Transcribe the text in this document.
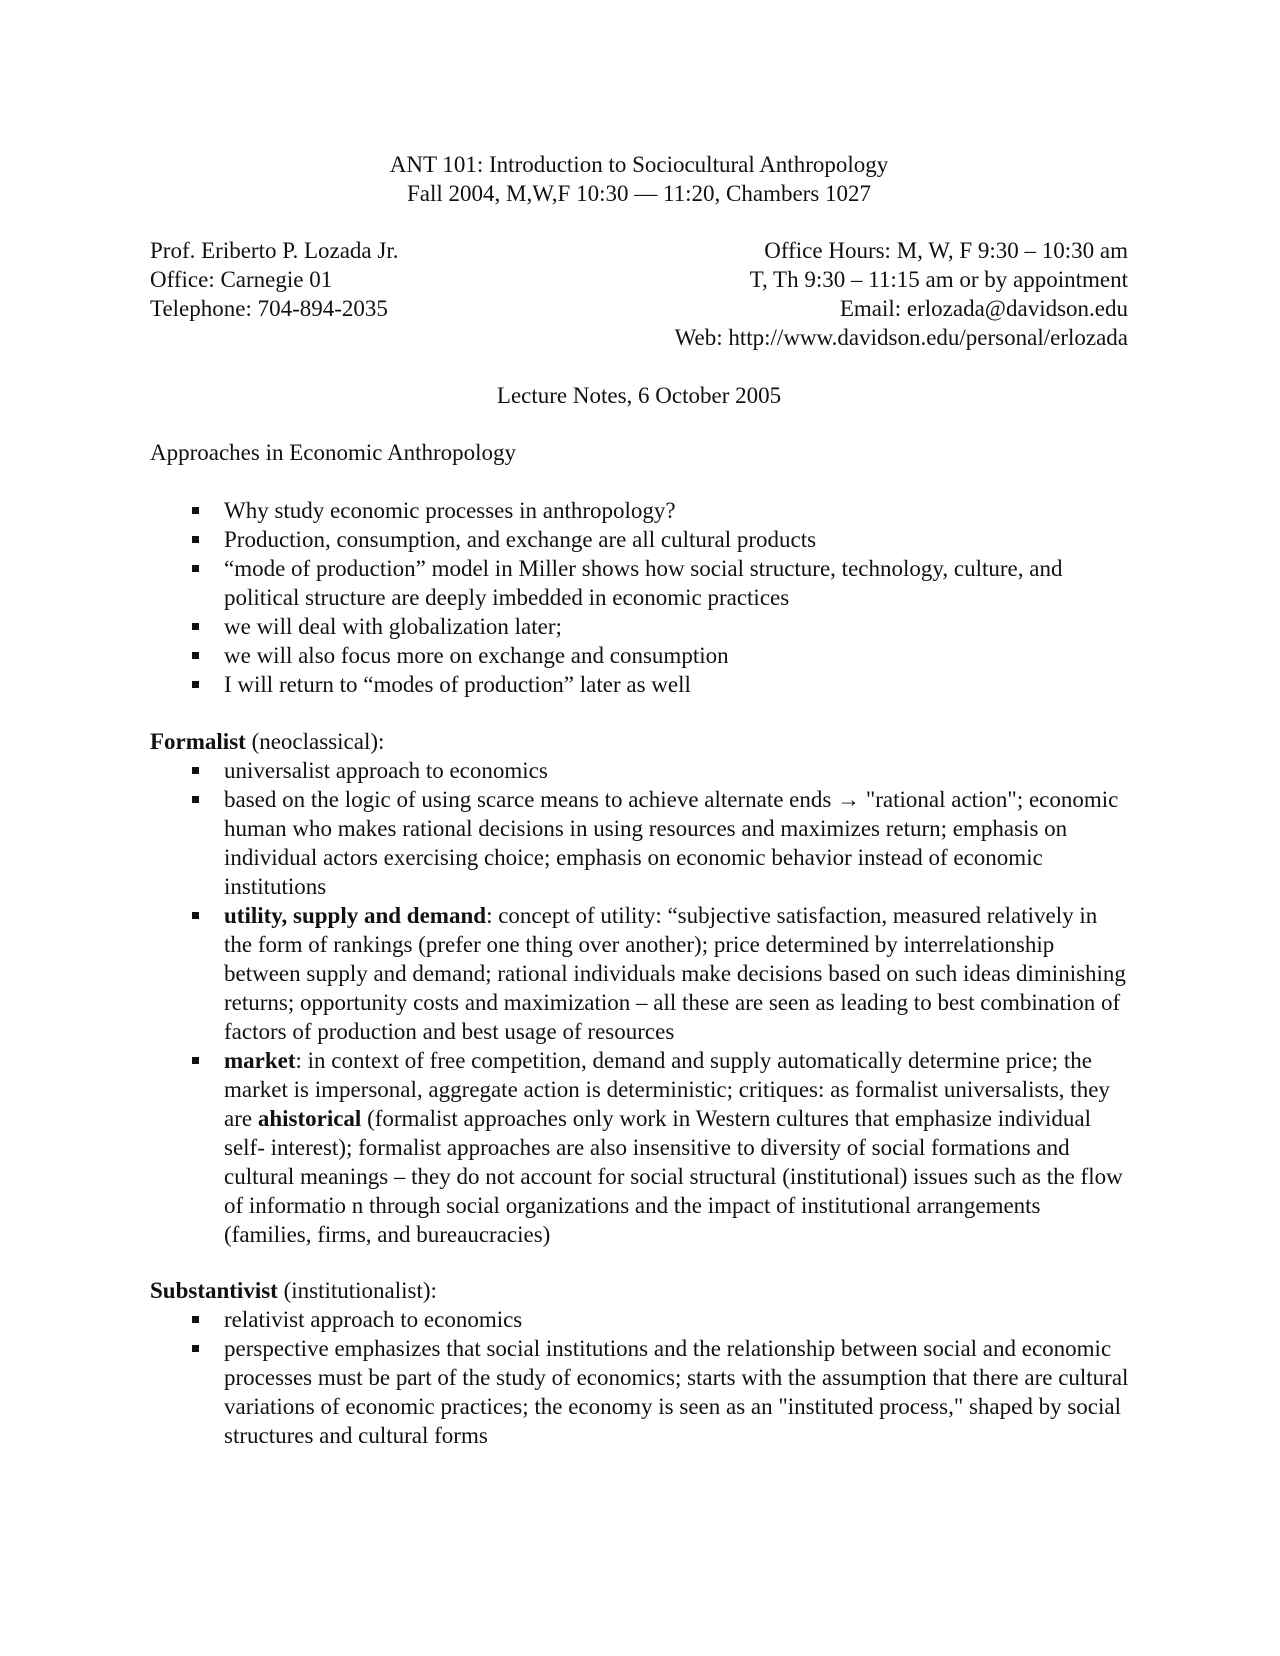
ANT 101: Introduction to Sociocultural Anthropology
Fall 2004, M,W,F 10:30 — 11:20, Chambers 1027
Prof. Eriberto P. Lozada Jr.
Office: Carnegie 01
Telephone: 704-894-2035
Office Hours: M, W, F 9:30 – 10:30 am
T, Th 9:30 – 11:15 am or by appointment
Email: erlozada@davidson.edu
Web: http://www.davidson.edu/personal/erlozada
Lecture Notes, 6 October 2005
Approaches in Economic Anthropology
Why study economic processes in anthropology?
Production, consumption, and exchange are all cultural products
“mode of production” model in Miller shows how social structure, technology, culture, and political structure are deeply imbedded in economic practices
we will deal with globalization later;
we will also focus more on exchange and consumption
I will return to “modes of production” later as well
Formalist (neoclassical):
universalist approach to economics
based on the logic of using scarce means to achieve alternate ends → "rational action"; economic human who makes rational decisions in using resources and maximizes return; emphasis on individual actors exercising choice; emphasis on economic behavior instead of economic institutions
utility, supply and demand: concept of utility: “subjective satisfaction, measured relatively in the form of rankings (prefer one thing over another); price determined by interrelationship between supply and demand; rational individuals make decisions based on such ideas diminishing returns; opportunity costs and maximization – all these are seen as leading to best combination of factors of production and best usage of resources
market: in context of free competition, demand and supply automatically determine price; the market is impersonal, aggregate action is deterministic; critiques: as formalist universalists, they are ahistorical (formalist approaches only work in Western cultures that emphasize individual self- interest); formalist approaches are also insensitive to diversity of social formations and cultural meanings – they do not account for social structural (institutional) issues such as the flow of informatio n through social organizations and the impact of institutional arrangements (families, firms, and bureaucracies)
Substantivist (institutionalist):
relativist approach to economics
perspective emphasizes that social institutions and the relationship between social and economic processes must be part of the study of economics; starts with the assumption that there are cultural variations of economic practices; the economy is seen as an "instituted process," shaped by social structures and cultural forms
